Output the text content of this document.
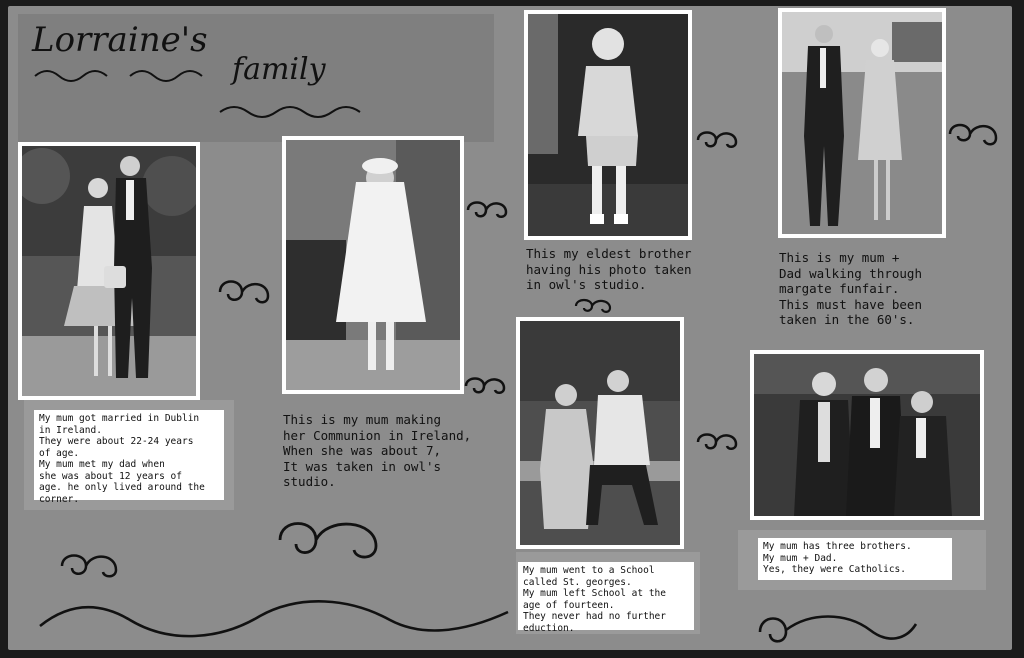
Lorraine's
family
My mum got married in Dublin
in Ireland.
They were about 22-24 years
of age.
My mum met my dad when
she was about 12 years of
age. he only lived around the
corner.
This is my mum making
her Communion in Ireland,
When she was about 7,
It was taken in owl's
studio.
This my eldest brother
having his photo taken
in owl's studio.
This is my mum +
Dad walking through
margate funfair.
This must have been
taken in the 60's.
My mum went to a School
called St. georges.
My mum left School at the
age of fourteen.
They never had no further
eduction.
My mum has three brothers.
My mum + Dad.
Yes, they were Catholics.
